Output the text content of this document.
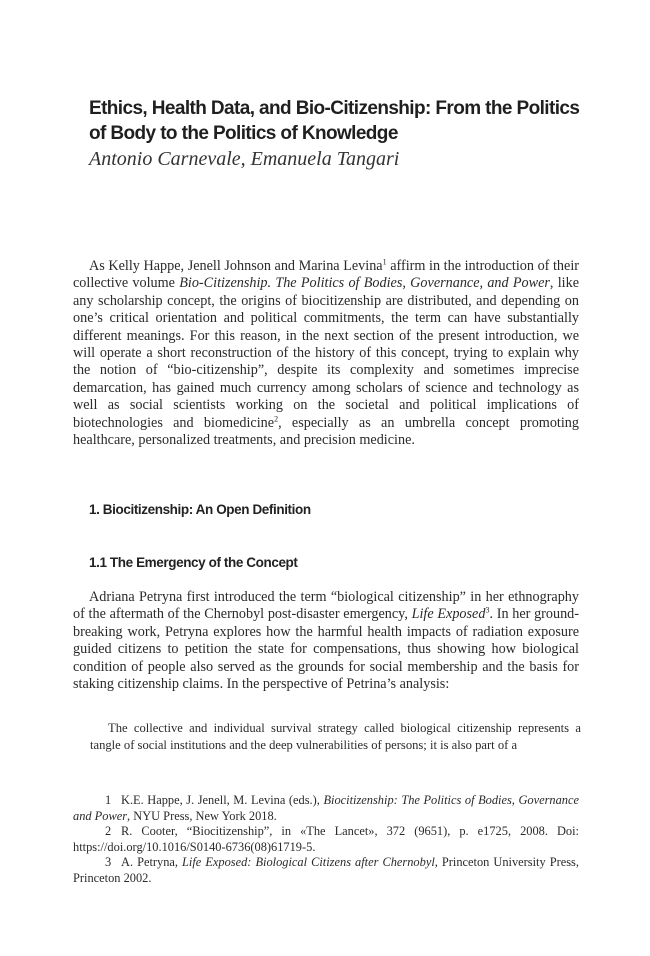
Ethics, Health Data, and Bio-Citizenship: From the Politics of Body to the Politics of Knowledge
Antonio Carnevale, Emanuela Tangari

As Kelly Happe, Jenell Johnson and Marina Levina$^1$ affirm in the introduction of their collective volume Bio-Citizenship. The Politics of Bodies, Governance, and Power, like any scholarship concept, the origins of biocitizenship are distributed, and depending on one’s critical orientation and political commitments, the term can have substantially different meanings. For this reason, in the next section of the present introduction, we will operate a short reconstruction of the history of this concept, trying to explain why the notion of “bio-citizenship”, despite its complexity and sometimes imprecise demarcation, has gained much currency among scholars of science and technology as well as social scientists working on the societal and political implications of biotechnologies and biomedicine$^2$, especially as an umbrella concept promoting healthcare, personalized treatments, and precision medicine.

1. Biocitizenship: An Open Definition
1.1 The Emergency of the Concept

Adriana Petryna first introduced the term “biological citizenship” in her ethnography of the aftermath of the Chernobyl post-disaster emergency, Life Exposed$^3$. In her ground-breaking work, Petryna explores how the harmful health impacts of radiation exposure guided citizens to petition the state for compensations, thus showing how biological condition of people also served as the grounds for social membership and the basis for staking citizenship claims. In the perspective of Petrina’s analysis:

The collective and individual survival strategy called biological citizenship represents a tangle of social institutions and the deep vulnerabilities of persons; it is also part of a

1 K.E. Happe, J. Jenell, M. Levina (eds.), Biocitizenship: The Politics of Bodies, Governance and Power, NYU Press, New York 2018.

2 R. Cooter, “Biocitizenship”, in «The Lancet», 372 (9651), p. e1725, 2008. Doi: https://doi.org/10.1016/S0140-6736(08)61719-5.

3 A. Petryna, Life Exposed: Biological Citizens after Chernobyl, Princeton University Press, Princeton 2002.
